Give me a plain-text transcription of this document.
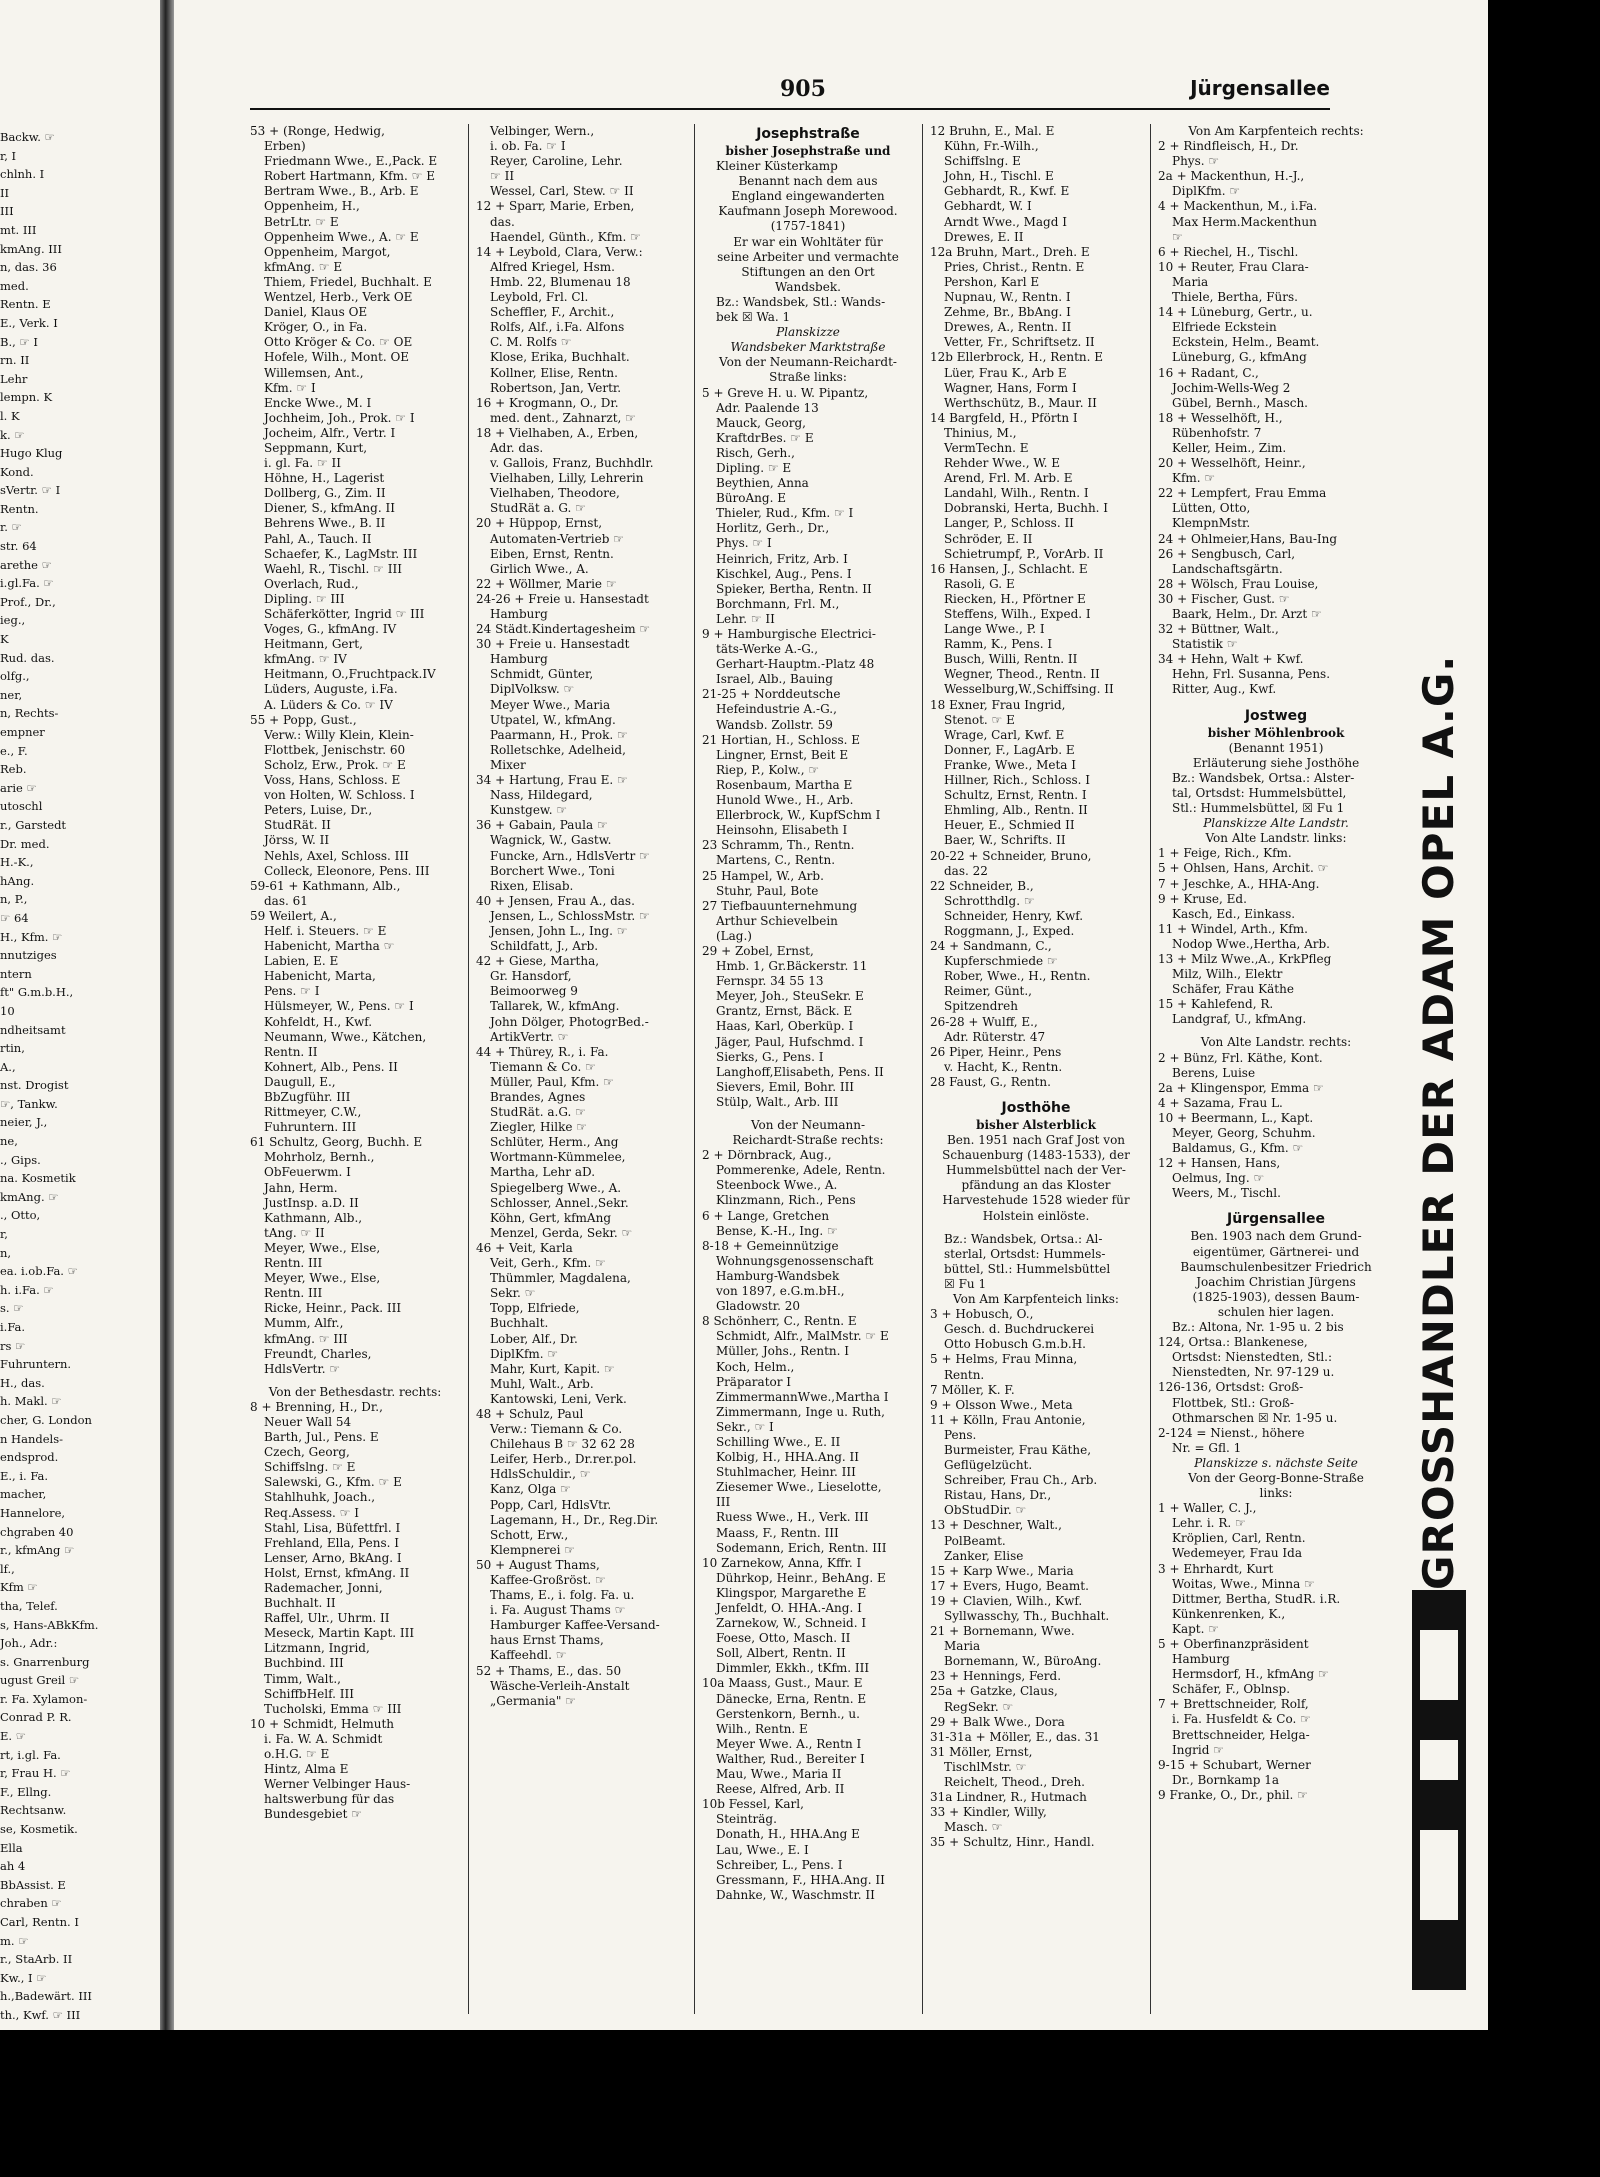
Backw. ☞
r, I
chlnh. I
II
III
mt. III
kmAng. III
n, das. 36
med.
Rentn. E
E., Verk. I
B., ☞ I
rn. II
Lehr
lempn. K
l. K
k. ☞
Hugo Klug
Kond.
sVertr. ☞ I
Rentn.
r. ☞
str. 64
arethe ☞
i.gl.Fa. ☞
Prof., Dr.,
ieg.,
K
Rud. das.
olfg.,
ner,
n, Rechts-
empner
e., F.
Reb.
arie ☞
utoschl
r., Garstedt
Dr. med.
H.-K.,
hAng.
n, P.,
☞ 64
H., Kfm. ☞
nnutziges
ntern
ft" G.m.b.H.,
10
ndheitsamt
rtin,
A.,
nst. Drogist
☞, Tankw.
neier, J.,
ne,
., Gips.
na. Kosmetik
kmAng. ☞
., Otto,
r,
n,
ea. i.ob.Fa. ☞
h. i.Fa. ☞
s. ☞
i.Fa.
rs ☞
Fuhruntern.
H., das.
h. Makl. ☞
cher, G. London
n Handels-
endsprod.
E., i. Fa.
macher,
Hannelore,
chgraben 40
r., kfmAng ☞
lf.,
Kfm ☞
tha, Telef.
s, Hans-ABkKfm.
Joh., Adr.:
s. Gnarrenburg
ugust Greil ☞
r. Fa. Xylamon-
Conrad P. R.
E. ☞
rt, i.gl. Fa.
r, Frau H. ☞
F., Ellng.
Rechtsanw.
se, Kosmetik.
Ella
ah 4
BbAssist. E
chraben ☞
Carl, Rentn. I
m. ☞
r., StaArb. II
Kw., I ☞
h.,Badewärt. III
th., Kwf. ☞ III
905	Jürgensallee
53 + (Ronge, Hedwig,
Erben)
Friedmann Wwe., E.,Pack. E
Robert Hartmann, Kfm. ☞ E
Bertram Wwe., B., Arb. E
Oppenheim, H.,
BetrLtr. ☞ E
Oppenheim Wwe., A. ☞ E
Oppenheim, Margot,
kfmAng. ☞ E
Thiem, Friedel, Buchhalt. E
Wentzel, Herb., Verk OE
Daniel, Klaus OE
Kröger, O., in Fa.
Otto Kröger & Co. ☞ OE
Hofele, Wilh., Mont. OE
Willemsen, Ant.,
Kfm. ☞ I
Encke Wwe., M. I
Jochheim, Joh., Prok. ☞ I
Jocheim, Alfr., Vertr. I
Seppmann, Kurt,
i. gl. Fa. ☞ II
Höhne, H., Lagerist
Dollberg, G., Zim. II
Diener, S., kfmAng. II
Behrens Wwe., B. II
Pahl, A., Tauch. II
Schaefer, K., LagMstr. III
Waehl, R., Tischl. ☞ III
Overlach, Rud.,
Dipling. ☞ III
Schäferkötter, Ingrid ☞ III
Voges, G., kfmAng. IV
Heitmann, Gert,
kfmAng. ☞ IV
Heitmann, O.,Fruchtpack.IV
Lüders, Auguste, i.Fa.
A. Lüders & Co. ☞ IV
55 + Popp, Gust.,
Verw.: Willy Klein, Klein-
Flottbek, Jenischstr. 60
Scholz, Erw., Prok. ☞ E
Voss, Hans, Schloss. E
von Holten, W. Schloss. I
Peters, Luise, Dr.,
StudRät. II
Jörss, W. II
Nehls, Axel, Schloss. III
Colleck, Eleonore, Pens. III
59-61 + Kathmann, Alb.,
das. 61
59 Weilert, A.,
Helf. i. Steuers. ☞ E
Habenicht, Martha ☞
Labien, E. E
Habenicht, Marta,
Pens. ☞ I
Hülsmeyer, W., Pens. ☞ I
Kohfeldt, H., Kwf.
Neumann, Wwe., Kätchen,
Rentn. II
Kohnert, Alb., Pens. II
Daugull, E.,
BbZugführ. III
Rittmeyer, C.W.,
Fuhruntern. III
61 Schultz, Georg, Buchh. E
Mohrholz, Bernh.,
ObFeuerwm. I
Jahn, Herm.
JustInsp. a.D. II
Kathmann, Alb.,
tAng. ☞ II
Meyer, Wwe., Else,
Rentn. III
Meyer, Wwe., Else,
Rentn. III
Ricke, Heinr., Pack. III
Mumm, Alfr.,
kfmAng. ☞ III
Freundt, Charles,
HdlsVertr. ☞
Von der Bethesdastr. rechts:
8 + Brenning, H., Dr.,
Neuer Wall 54
Barth, Jul., Pens. E
Czech, Georg,
Schiffslng. ☞ E
Salewski, G., Kfm. ☞ E
Stahlhuhk, Joach.,
Req.Assess. ☞ I
Stahl, Lisa, Büfettfrl. I
Frehland, Ella, Pens. I
Lenser, Arno, BkAng. I
Holst, Ernst, kfmAng. II
Rademacher, Jonni,
Buchhalt. II
Raffel, Ulr., Uhrm. II
Meseck, Martin Kapt. III
Litzmann, Ingrid,
Buchbind. III
Timm, Walt.,
SchiffbHelf. III
Tucholski, Emma ☞ III
10 + Schmidt, Helmuth
i. Fa. W. A. Schmidt
o.H.G. ☞ E
Hintz, Alma E
Werner Velbinger Haus-
haltswerbung für das
Bundesgebiet ☞
Velbinger, Wern.,
i. ob. Fa. ☞ I
Reyer, Caroline, Lehr.
☞ II
Wessel, Carl, Stew. ☞ II
12 + Sparr, Marie, Erben,
das.
Haendel, Günth., Kfm. ☞
14 + Leybold, Clara, Verw.:
Alfred Kriegel, Hsm.
Hmb. 22, Blumenau 18
Leybold, Frl. Cl.
Scheffler, F., Archit.,
Rolfs, Alf., i.Fa. Alfons
C. M. Rolfs ☞
Klose, Erika, Buchhalt.
Kollner, Elise, Rentn.
Robertson, Jan, Vertr.
16 + Krogmann, O., Dr.
med. dent., Zahnarzt, ☞
18 + Vielhaben, A., Erben,
Adr. das.
v. Gallois, Franz, Buchhdlr.
Vielhaben, Lilly, Lehrerin
Vielhaben, Theodore,
StudRät a. G. ☞
20 + Hüppop, Ernst,
Automaten-Vertrieb ☞
Eiben, Ernst, Rentn.
Girlich Wwe., A.
22 + Wöllmer, Marie ☞
24-26 + Freie u. Hansestadt
Hamburg
24 Städt.Kindertagesheim ☞
30 + Freie u. Hansestadt
Hamburg
Schmidt, Günter,
DiplVolksw. ☞
Meyer Wwe., Maria
Utpatel, W., kfmAng.
Paarmann, H., Prok. ☞
Rolletschke, Adelheid,
Mixer
34 + Hartung, Frau E. ☞
Nass, Hildegard,
Kunstgew. ☞
36 + Gabain, Paula ☞
Wagnick, W., Gastw.
Funcke, Arn., HdlsVertr ☞
Borchert Wwe., Toni
Rixen, Elisab.
40 + Jensen, Frau A., das.
Jensen, L., SchlossMstr. ☞
Jensen, John L., Ing. ☞
Schildfatt, J., Arb.
42 + Giese, Martha,
Gr. Hansdorf,
Beimoorweg 9
Tallarek, W., kfmAng.
John Dölger, PhotogrBed.-
ArtikVertr. ☞
44 + Thürey, R., i. Fa.
Tiemann & Co. ☞
Müller, Paul, Kfm. ☞
Brandes, Agnes
StudRät. a.G. ☞
Ziegler, Hilke ☞
Schlüter, Herm., Ang
Wortmann-Kümmelee,
Martha, Lehr aD.
Spiegelberg Wwe., A.
Schlosser, Annel.,Sekr.
Köhn, Gert, kfmAng
Menzel, Gerda, Sekr. ☞
46 + Veit, Karla
Veit, Gerh., Kfm. ☞
Thümmler, Magdalena,
Sekr. ☞
Topp, Elfriede,
Buchhalt.
Lober, Alf., Dr.
DiplKfm. ☞
Mahr, Kurt, Kapit. ☞
Muhl, Walt., Arb.
Kantowski, Leni, Verk.
48 + Schulz, Paul
Verw.: Tiemann & Co.
Chilehaus B ☞ 32 62 28
Leifer, Herb., Dr.rer.pol.
HdlsSchuldir., ☞
Kanz, Olga ☞
Popp, Carl, HdlsVtr.
Lagemann, H., Dr., Reg.Dir.
Schott, Erw.,
Klempnerei ☞
50 + August Thams,
Kaffee-Großröst. ☞
Thams, E., i. folg. Fa. u.
i. Fa. August Thams ☞
Hamburger Kaffee-Versand-
haus Ernst Thams,
Kaffeehdl. ☞
52 + Thams, E., das. 50
Wäsche-Verleih-Anstalt
„Germania" ☞
Josephstraße
bisher Josephstraße und
Kleiner Küsterkamp
Benannt nach dem aus
England eingewanderten
Kaufmann Joseph Morewood.
(1757-1841)
Er war ein Wohltäter für
seine Arbeiter und vermachte
Stiftungen an den Ort
Wandsbek.
Bz.: Wandsbek, Stl.: Wands-
bek ☒ Wa. 1
Planskizze
Wandsbeker Marktstraße
Von der Neumann-Reichardt-
Straße links:
5 + Greve H. u. W. Pipantz,
Adr. Paalende 13
Mauck, Georg,
KraftdrBes. ☞ E
Risch, Gerh.,
Dipling. ☞ E
Beythien, Anna
BüroAng. E
Thieler, Rud., Kfm. ☞ I
Horlitz, Gerh., Dr.,
Phys. ☞ I
Heinrich, Fritz, Arb. I
Kischkel, Aug., Pens. I
Spieker, Bertha, Rentn. II
Borchmann, Frl. M.,
Lehr. ☞ II
9 + Hamburgische Electrici-
täts-Werke A.-G.,
Gerhart-Hauptm.-Platz 48
Israel, Alb., Bauing
21-25 + Norddeutsche
Hefeindustrie A.-G.,
Wandsb. Zollstr. 59
21 Hortian, H., Schloss. E
Lingner, Ernst, Beit E
Riep, P., Kolw., ☞
Rosenbaum, Martha E
Hunold Wwe., H., Arb.
Ellerbrock, W., KupfSchm I
Heinsohn, Elisabeth I
23 Schramm, Th., Rentn.
Martens, C., Rentn.
25 Hampel, W., Arb.
Stuhr, Paul, Bote
27 Tiefbauunternehmung
Arthur Schievelbein
(Lag.)
29 + Zobel, Ernst,
Hmb. 1, Gr.Bäckerstr. 11
Fernspr. 34 55 13
Meyer, Joh., SteuSekr. E
Grantz, Ernst, Bäck. E
Haas, Karl, Oberküp. I
Jäger, Paul, Hufschmd. I
Sierks, G., Pens. I
Langhoff,Elisabeth, Pens. II
Sievers, Emil, Bohr. III
Stülp, Walt., Arb. III
Von der Neumann-
Reichardt-Straße rechts:
2 + Dörnbrack, Aug.,
Pommerenke, Adele, Rentn.
Steenbock Wwe., A.
Klinzmann, Rich., Pens
6 + Lange, Gretchen
Bense, K.-H., Ing. ☞
8-18 + Gemeinnützige
Wohnungsgenossenschaft
Hamburg-Wandsbek
von 1897, e.G.m.bH.,
Gladowstr. 20
8 Schönherr, C., Rentn. E
Schmidt, Alfr., MalMstr. ☞ E
Müller, Johs., Rentn. I
Koch, Helm.,
Präparator I
ZimmermannWwe.,Martha I
Zimmermann, Inge u. Ruth,
Sekr., ☞ I
Schilling Wwe., E. II
Kolbig, H., HHA.Ang. II
Stuhlmacher, Heinr. III
Ziesemer Wwe., Lieselotte,
III
Ruess Wwe., H., Verk. III
Maass, F., Rentn. III
Sodemann, Erich, Rentn. III
10 Zarnekow, Anna, Kffr. I
Dührkop, Heinr., BehAng. E
Klingspor, Margarethe E
Jenfeldt, O. HHA.-Ang. I
Zarnekow, W., Schneid. I
Foese, Otto, Masch. II
Soll, Albert, Rentn. II
Dimmler, Ekkh., tKfm. III
10a Maass, Gust., Maur. E
Dänecke, Erna, Rentn. E
Gerstenkorn, Bernh., u.
Wilh., Rentn. E
Meyer Wwe. A., Rentn I
Walther, Rud., Bereiter I
Mau, Wwe., Maria II
Reese, Alfred, Arb. II
10b Fessel, Karl,
Steinträg.
Donath, H., HHA.Ang E
Lau, Wwe., E. I
Schreiber, L., Pens. I
Gressmann, F., HHA.Ang. II
Dahnke, W., Waschmstr. II
12 Bruhn, E., Mal. E
Kühn, Fr.-Wilh.,
Schiffslng. E
John, H., Tischl. E
Gebhardt, R., Kwf. E
Gebhardt, W. I
Arndt Wwe., Magd I
Drewes, E. II
12a Bruhn, Mart., Dreh. E
Pries, Christ., Rentn. E
Pershon, Karl E
Nupnau, W., Rentn. I
Zehme, Br., BbAng. I
Drewes, A., Rentn. II
Vetter, Fr., Schriftsetz. II
12b Ellerbrock, H., Rentn. E
Lüer, Frau K., Arb E
Wagner, Hans, Form I
Werthschütz, B., Maur. II
14 Bargfeld, H., Pförtn I
Thinius, M.,
VermTechn. E
Rehder Wwe., W. E
Arend, Frl. M. Arb. E
Landahl, Wilh., Rentn. I
Dobranski, Herta, Buchh. I
Langer, P., Schloss. II
Schröder, E. II
Schietrumpf, P., VorArb. II
16 Hansen, J., Schlacht. E
Rasoli, G. E
Riecken, H., Pförtner E
Steffens, Wilh., Exped. I
Lange Wwe., P. I
Ramm, K., Pens. I
Busch, Willi, Rentn. II
Wegner, Theod., Rentn. II
Wesselburg,W.,Schiffsing. II
18 Exner, Frau Ingrid,
Stenot. ☞ E
Wrage, Carl, Kwf. E
Donner, F., LagArb. E
Franke, Wwe., Meta I
Hillner, Rich., Schloss. I
Schultz, Ernst, Rentn. I
Ehmling, Alb., Rentn. II
Heuer, E., Schmied II
Baer, W., Schrifts. II
20-22 + Schneider, Bruno,
das. 22
22 Schneider, B.,
Schrotthdlg. ☞
Schneider, Henry, Kwf.
Roggmann, J., Exped.
24 + Sandmann, C.,
Kupferschmiede ☞
Rober, Wwe., H., Rentn.
Reimer, Günt.,
Spitzendreh
26-28 + Wulff, E.,
Adr. Rüterstr. 47
26 Piper, Heinr., Pens
v. Hacht, K., Rentn.
28 Faust, G., Rentn.
Josthöhe
bisher Alsterblick
Ben. 1951 nach Graf Jost von
Schauenburg (1483-1533), der
Hummelsbüttel nach der Ver-
pfändung an das Kloster
Harvestehude 1528 wieder für
Holstein einlöste.
Bz.: Wandsbek, Ortsa.: Al-
sterlal, Ortsdst: Hummels-
büttel, Stl.: Hummelsbüttel
☒ Fu 1
Von Am Karpfenteich links:
3 + Hobusch, O.,
Gesch. d. Buchdruckerei
Otto Hobusch G.m.b.H.
5 + Helms, Frau Minna,
Rentn.
7 Möller, K. F.
9 + Olsson Wwe., Meta
11 + Kölln, Frau Antonie,
Pens.
Burmeister, Frau Käthe,
Geflügelzücht.
Schreiber, Frau Ch., Arb.
Ristau, Hans, Dr.,
ObStudDir. ☞
13 + Deschner, Walt.,
PolBeamt.
Zanker, Elise
15 + Karp Wwe., Maria
17 + Evers, Hugo, Beamt.
19 + Clavien, Wilh., Kwf.
Syllwasschy, Th., Buchhalt.
21 + Bornemann, Wwe.
Maria
Bornemann, W., BüroAng.
23 + Hennings, Ferd.
25a + Gatzke, Claus,
RegSekr. ☞
29 + Balk Wwe., Dora
31-31a + Möller, E., das. 31
31 Möller, Ernst,
TischlMstr. ☞
Reichelt, Theod., Dreh.
31a Lindner, R., Hutmach
33 + Kindler, Willy,
Masch. ☞
35 + Schultz, Hinr., Handl.
Von Am Karpfenteich rechts:
2 + Rindfleisch, H., Dr.
Phys. ☞
2a + Mackenthun, H.-J.,
DiplKfm. ☞
4 + Mackenthun, M., i.Fa.
Max Herm.Mackenthun
☞
6 + Riechel, H., Tischl.
10 + Reuter, Frau Clara-
Maria
Thiele, Bertha, Fürs.
14 + Lüneburg, Gertr., u.
Elfriede Eckstein
Eckstein, Helm., Beamt.
Lüneburg, G., kfmAng
16 + Radant, C.,
Jochim-Wells-Weg 2
Gübel, Bernh., Masch.
18 + Wesselhöft, H.,
Rübenhofstr. 7
Keller, Heim., Zim.
20 + Wesselhöft, Heinr.,
Kfm. ☞
22 + Lempfert, Frau Emma
Lütten, Otto,
KlempnMstr.
24 + Ohlmeier,Hans, Bau-Ing
26 + Sengbusch, Carl,
Landschaftsgärtn.
28 + Wölsch, Frau Louise,
30 + Fischer, Gust. ☞
Baark, Helm., Dr. Arzt ☞
32 + Büttner, Walt.,
Statistik ☞
34 + Hehn, Walt + Kwf.
Hehn, Frl. Susanna, Pens.
Ritter, Aug., Kwf.
Jostweg
bisher Möhlenbrook
(Benannt 1951)
Erläuterung siehe Josthöhe
Bz.: Wandsbek, Ortsa.: Alster-
tal, Ortsdst: Hummelsbüttel,
Stl.: Hummelsbüttel, ☒ Fu 1
Planskizze Alte Landstr.
Von Alte Landstr. links:
1 + Feige, Rich., Kfm.
5 + Ohlsen, Hans, Archit. ☞
7 + Jeschke, A., HHA-Ang.
9 + Kruse, Ed.
Kasch, Ed., Einkass.
11 + Windel, Arth., Kfm.
Nodop Wwe.,Hertha, Arb.
13 + Milz Wwe.,A., KrkPfleg
Milz, Wilh., Elektr
Schäfer, Frau Käthe
15 + Kahlefend, R.
Landgraf, U., kfmAng.
Von Alte Landstr. rechts:
2 + Bünz, Frl. Käthe, Kont.
Berens, Luise
2a + Klingenspor, Emma ☞
4 + Sazama, Frau L.
10 + Beermann, L., Kapt.
Meyer, Georg, Schuhm.
Baldamus, G., Kfm. ☞
12 + Hansen, Hans,
Oelmus, Ing. ☞
Weers, M., Tischl.
Jürgensallee
Ben. 1903 nach dem Grund-
eigentümer, Gärtnerei- und
Baumschulenbesitzer Friedrich
Joachim Christian Jürgens
(1825-1903), dessen Baum-
schulen hier lagen.
Bz.: Altona, Nr. 1-95 u. 2 bis
124, Ortsa.: Blankenese,
Ortsdst: Nienstedten, Stl.:
Nienstedten, Nr. 97-129 u.
126-136, Ortsdst: Groß-
Flottbek, Stl.: Groß-
Othmarschen ☒ Nr. 1-95 u.
2-124 = Nienst., höhere
Nr. = Gfl. 1
Planskizze s. nächste Seite
Von der Georg-Bonne-Straße
links:
1 + Waller, C. J.,
Lehr. i. R. ☞
Kröplien, Carl, Rentn.
Wedemeyer, Frau Ida
3 + Ehrhardt, Kurt
Woitas, Wwe., Minna ☞
Dittmer, Bertha, StudR. i.R.
Künkenrenken, K.,
Kapt. ☞
5 + Oberfinanzpräsident
Hamburg
Hermsdorf, H., kfmAng ☞
Schäfer, F., Oblnsp.
7 + Brettschneider, Rolf,
i. Fa. Husfeldt & Co. ☞
Brettschneider, Helga-
Ingrid ☞
9-15 + Schubart, Werner
Dr., Bornkamp 1a
9 Franke, O., Dr., phil. ☞
GROSSHANDLER DER ADAM OPEL A.G.
